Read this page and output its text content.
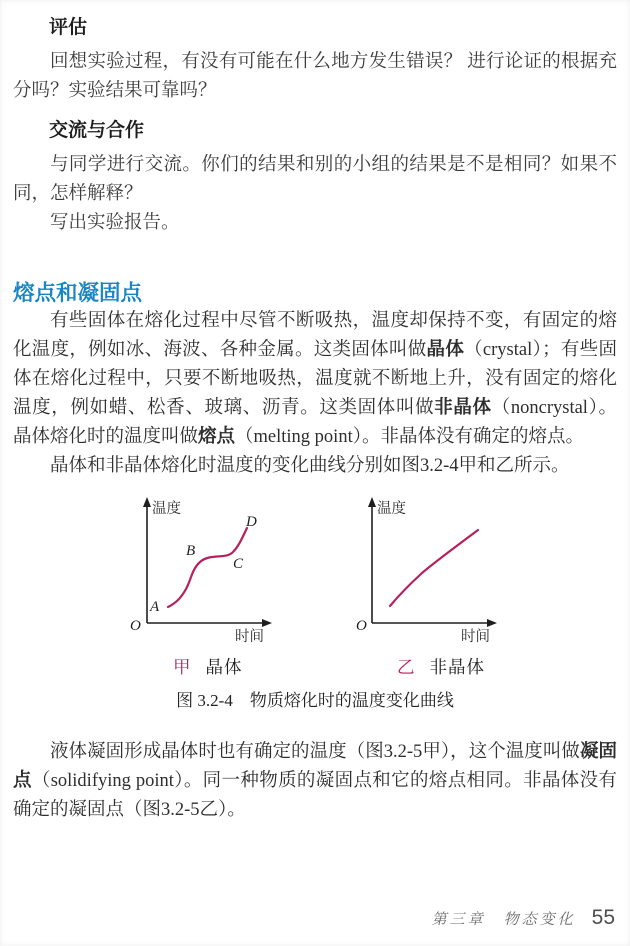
评估

回想实验过程，有没有可能在什么地方发生错误？ 进行论证的根据充分吗？实验结果可靠吗？

交流与合作

与同学进行交流。你们的结果和别的小组的结果是不是相同？如果不同，怎样解释？

写出实验报告。

熔点和凝固点

有些固体在熔化过程中尽管不断吸热，温度却保持不变，有固定的熔化温度，例如冰、海波、各种金属。这类固体叫做晶体（crystal）；有些固体在熔化过程中，只要不断地吸热，温度就不断地上升，没有固定的熔化温度，例如蜡、松香、玻璃、沥青。这类固体叫做非晶体（noncrystal）。晶体熔化时的温度叫做熔点（melting point）。非晶体没有确定的熔点。

晶体和非晶体熔化时温度的变化曲线分别如图3.2-4甲和乙所示。

温度
时间
O
A
B
C
D
温度
时间
O
甲 晶体	乙 非晶体
图 3.2-4　物质熔化时的温度变化曲线

液体凝固形成晶体时也有确定的温度（图3.2-5甲），这个温度叫做凝固点（solidifying point）。同一种物质的凝固点和它的熔点相同。非晶体没有确定的凝固点（图3.2-5乙）。

第三章　物态变化 55
